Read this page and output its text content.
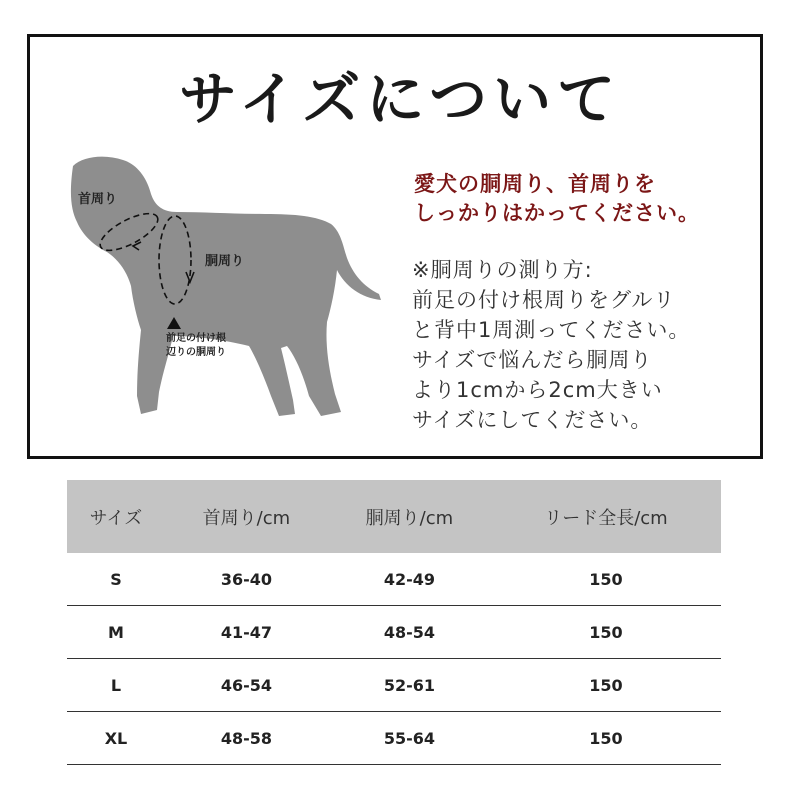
サイズについて
首周り
胴周り
前足の付け根
辺りの胴周り
愛犬の胴周り、首周りを
しっかりはかってください。
※胴周りの測り方:
前足の付け根周りをグルリ
と背中1周測ってください。
サイズで悩んだら胴周り
より1cmから2cm大きい
サイズにしてください。
サイズ	首周り/cm	胴周り/cm	リード全長/cm
S	36-40	42-49	150
M	41-47	48-54	150
L	46-54	52-61	150
XL	48-58	55-64	150
